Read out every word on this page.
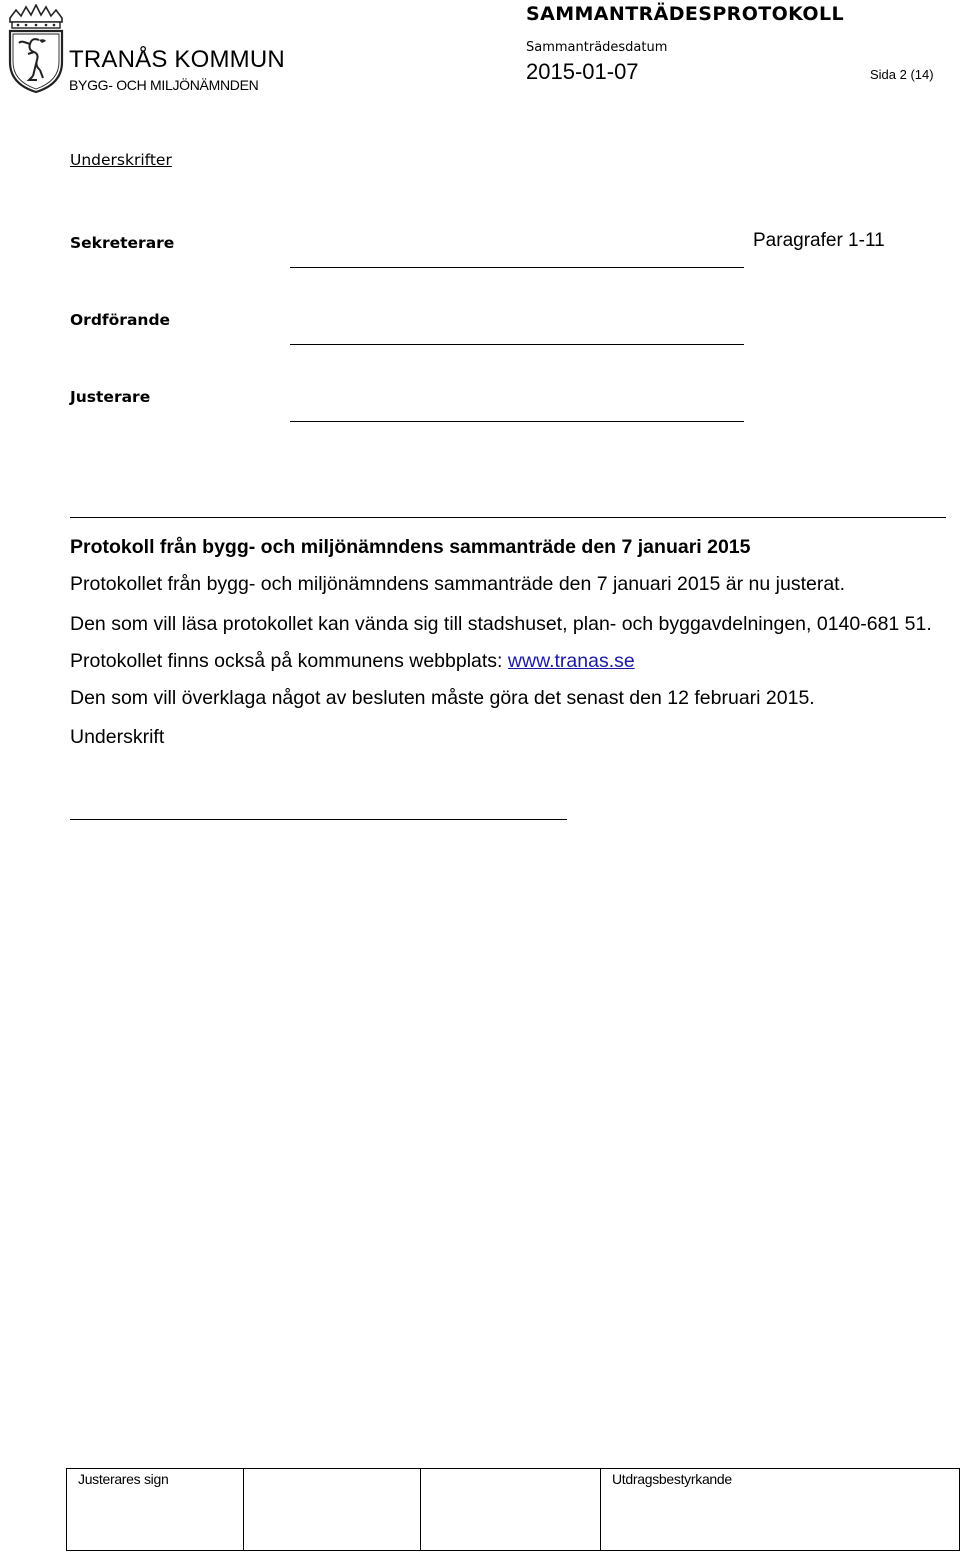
TRANÅS KOMMUN
BYGG- OCH MILJÖNÄMNDEN
SAMMANTRÄDESPROTOKOLL
Sammanträdesdatum
2015-01-07	Sida 2 (14)
Underskrifter
Sekreterare	Paragrafer 1-11
Ordförande
Justerare
Protokoll från bygg- och miljönämndens sammanträde den 7 januari 2015
Protokollet från bygg- och miljönämndens sammanträde den 7 januari 2015 är nu justerat.
Den som vill läsa protokollet kan vända sig till stadshuset, plan- och byggavdelningen, 0140-681 51.
Protokollet finns också på kommunens webbplats: www.tranas.se
Den som vill överklaga något av besluten måste göra det senast den 12 februari 2015.
Underskrift
Justerares sign			Utdragsbestyrkande
